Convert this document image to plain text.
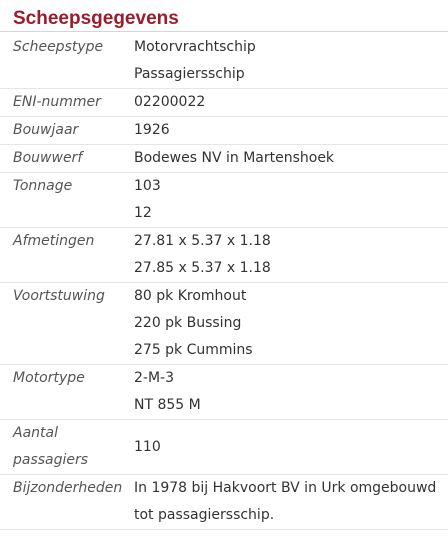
Scheepsgegevens
Scheepstype	Motorvrachtschip
Passagiersschip

ENI-nummer	02200022

Bouwjaar	1926

Bouwwerf	Bodewes NV in Martenshoek

Tonnage	103
12

Afmetingen	27.81 x 5.37 x 1.18
27.85 x 5.37 x 1.18

Voortstuwing	80 pk Kromhout
220 pk Bussing
275 pk Cummins

Motortype	2-M-3
NT 855 M

Aantal
passagiers	110

Bijzonderheden	In 1978 bij Hakvoort BV in Urk omgebouwd
tot passagiersschip.
